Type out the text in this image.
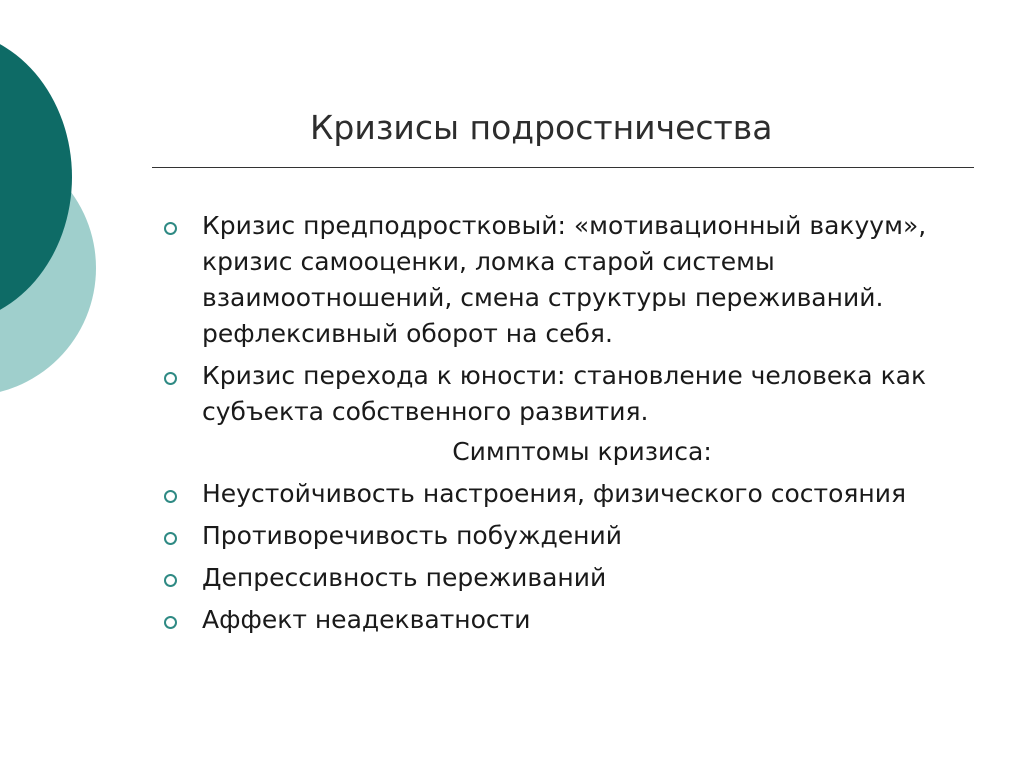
Кризисы подростничества
Кризис предподростковый: «мотивационный вакуум», кризис самооценки, ломка старой системы взаимоотношений, смена структуры переживаний. рефлексивный оборот на себя.
Кризис перехода к юности: становление человека как субъекта собственного развития.
Симптомы кризиса:
Неустойчивость настроения, физического состояния
Противоречивость побуждений
Депрессивность переживаний
Аффект неадекватности
